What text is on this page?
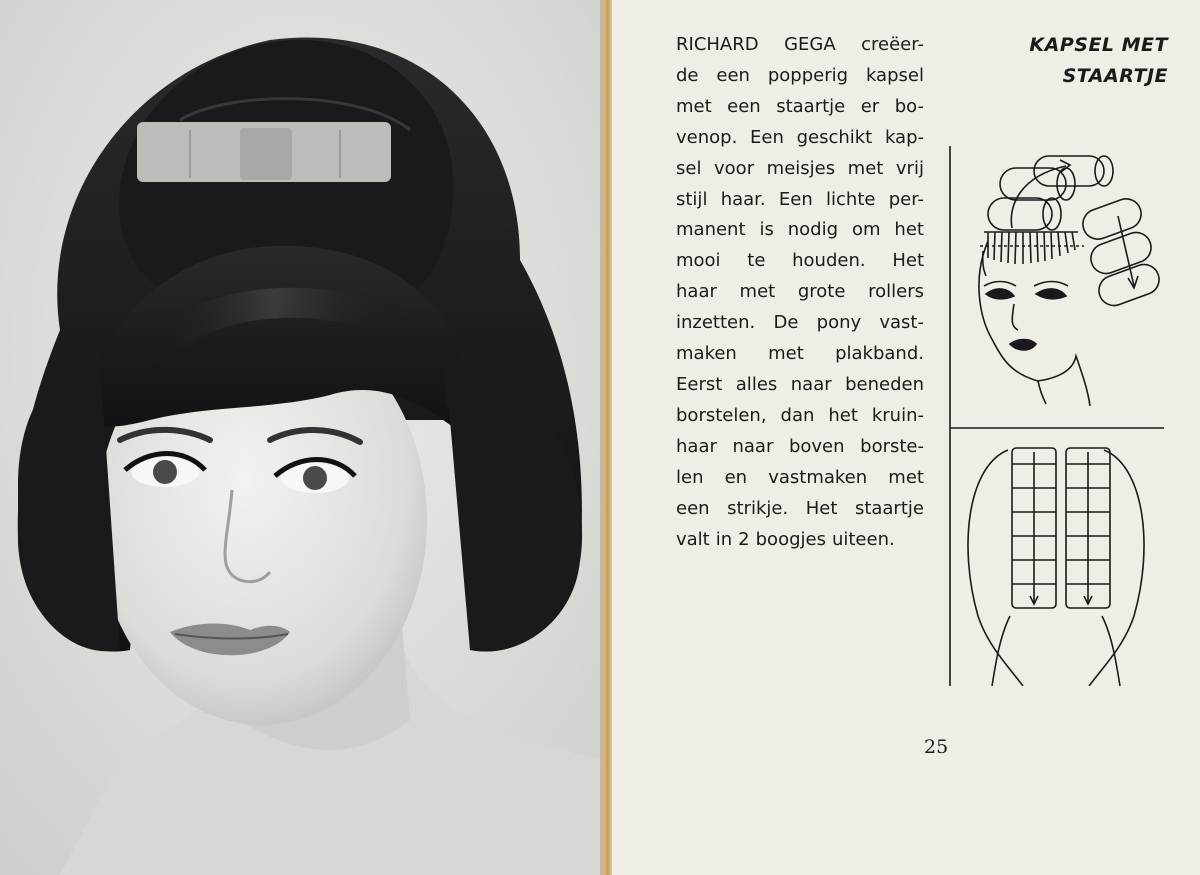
RICHARD GEGA creëer-
de een popperig kapsel
met een staartje er bo-
venop. Een geschikt kap-
sel voor meisjes met vrij
stijl haar. Een lichte per-
manent is nodig om het
mooi te houden. Het
haar met grote rollers
inzetten. De pony vast-
maken met plakband.
Eerst alles naar beneden
borstelen, dan het kruin-
haar naar boven borste-
len en vastmaken met
een strikje. Het staartje
valt in 2 boogjes uiteen.
KAPSEL MET
STAARTJE
25
